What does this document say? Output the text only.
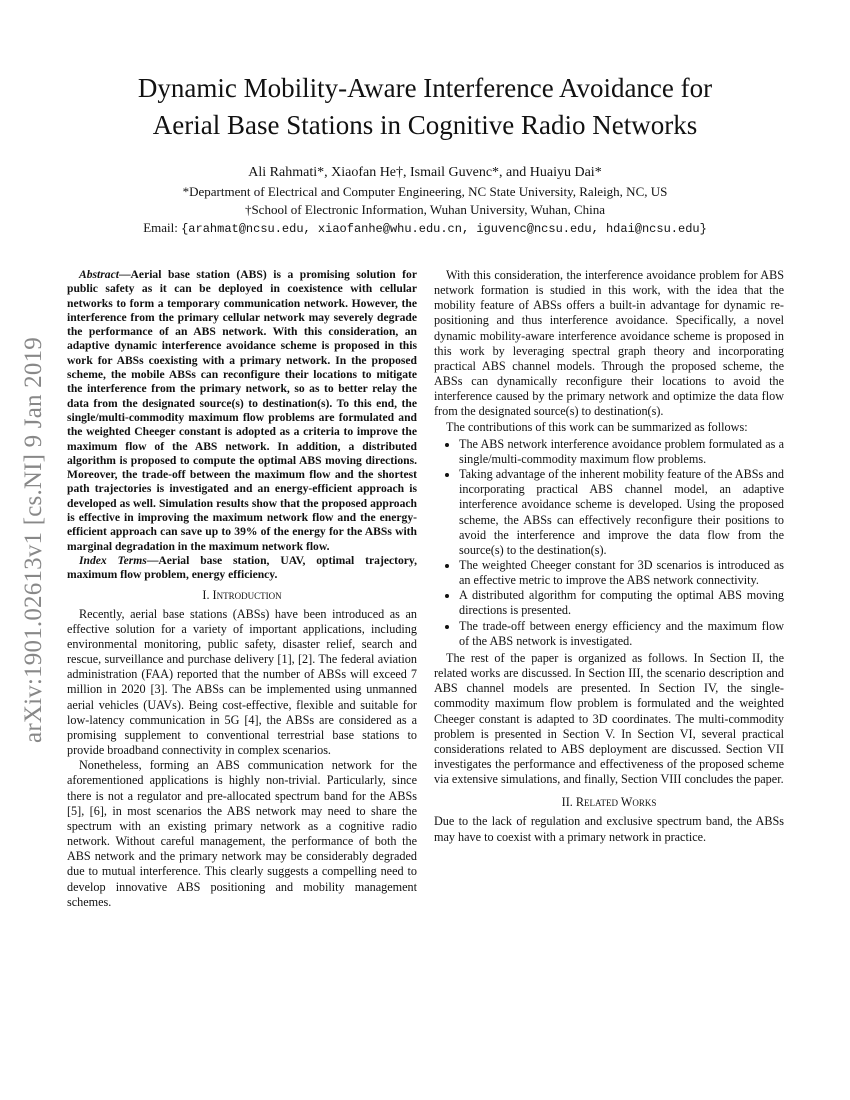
Dynamic Mobility-Aware Interference Avoidance for
Aerial Base Stations in Cognitive Radio Networks
Ali Rahmati*, Xiaofan He†, Ismail Guvenc*, and Huaiyu Dai*
*Department of Electrical and Computer Engineering, NC State University, Raleigh, NC, US
†School of Electronic Information, Wuhan University, Wuhan, China
Email: {arahmat@ncsu.edu, xiaofanhe@whu.edu.cn, iguvenc@ncsu.edu, hdai@ncsu.edu}
arXiv:1901.02613v1 [cs.NI] 9 Jan 2019

Abstract—Aerial base station (ABS) is a promising solution for public safety as it can be deployed in coexistence with cellular networks to form a temporary communication network. However, the interference from the primary cellular network may severely degrade the performance of an ABS network. With this consideration, an adaptive dynamic interference avoidance scheme is proposed in this work for ABSs coexisting with a primary network. In the proposed scheme, the mobile ABSs can reconfigure their locations to mitigate the interference from the primary network, so as to better relay the data from the designated source(s) to destination(s). To this end, the single/multi-commodity maximum flow problems are formulated and the weighted Cheeger constant is adopted as a criteria to improve the maximum flow of the ABS network. In addition, a distributed algorithm is proposed to compute the optimal ABS moving directions. Moreover, the trade-off between the maximum flow and the shortest path trajectories is investigated and an energy-efficient approach is developed as well. Simulation results show that the proposed approach is effective in improving the maximum network flow and the energy-efficient approach can save up to 39% of the energy for the ABSs with marginal degradation in the maximum network flow.

Index Terms—Aerial base station, UAV, optimal trajectory, maximum flow problem, energy efficiency.

I. Introduction

Recently, aerial base stations (ABSs) have been introduced as an effective solution for a variety of important applications, including environmental monitoring, public safety, disaster relief, search and rescue, surveillance and purchase delivery [1], [2]. The federal aviation administration (FAA) reported that the number of ABSs will exceed 7 million in 2020 [3]. The ABSs can be implemented using unmanned aerial vehicles (UAVs). Being cost-effective, flexible and suitable for low-latency communication in 5G [4], the ABSs are considered as a promising supplement to conventional terrestrial base stations to provide broadband connectivity in complex scenarios.

Nonetheless, forming an ABS communication network for the aforementioned applications is highly non-trivial. Particularly, since there is not a regulator and pre-allocated spectrum band for the ABSs [5], [6], in most scenarios the ABS network may need to share the spectrum with an existing primary network as a cognitive radio network. Without careful management, the performance of both the ABS network and the primary network may be considerably degraded due to mutual interference. This clearly suggests a compelling need to develop innovative ABS positioning and mobility management schemes.

With this consideration, the interference avoidance problem for ABS network formation is studied in this work, with the idea that the mobility feature of ABSs offers a built-in advantage for dynamic re-positioning and thus interference avoidance. Specifically, a novel dynamic mobility-aware interference avoidance scheme is proposed in this work by leveraging spectral graph theory and incorporating practical ABS channel models. Through the proposed scheme, the ABSs can dynamically reconfigure their locations to avoid the interference caused by the primary network and optimize the data flow from the designated source(s) to destination(s).

The contributions of this work can be summarized as follows:

• The ABS network interference avoidance problem formulated as a single/multi-commodity maximum flow problems.
• Taking advantage of the inherent mobility feature of the ABSs and incorporating practical ABS channel model, an adaptive interference avoidance scheme is developed. Using the proposed scheme, the ABSs can effectively reconfigure their positions to avoid the interference and improve the data flow from the source(s) to the destination(s).
• The weighted Cheeger constant for 3D scenarios is introduced as an effective metric to improve the ABS network connectivity.
• A distributed algorithm for computing the optimal ABS moving directions is presented.
• The trade-off between energy efficiency and the maximum flow of the ABS network is investigated.

The rest of the paper is organized as follows. In Section II, the related works are discussed. In Section III, the scenario description and ABS channel models are presented. In Section IV, the single-commodity maximum flow problem is formulated and the weighted Cheeger constant is adapted to 3D coordinates. The multi-commodity problem is presented in Section V. In Section VI, several practical considerations related to ABS deployment are discussed. Section VII investigates the performance and effectiveness of the proposed scheme via extensive simulations, and finally, Section VIII concludes the paper.

II. Related Works

Due to the lack of regulation and exclusive spectrum band, the ABSs may have to coexist with a primary network in practice.
